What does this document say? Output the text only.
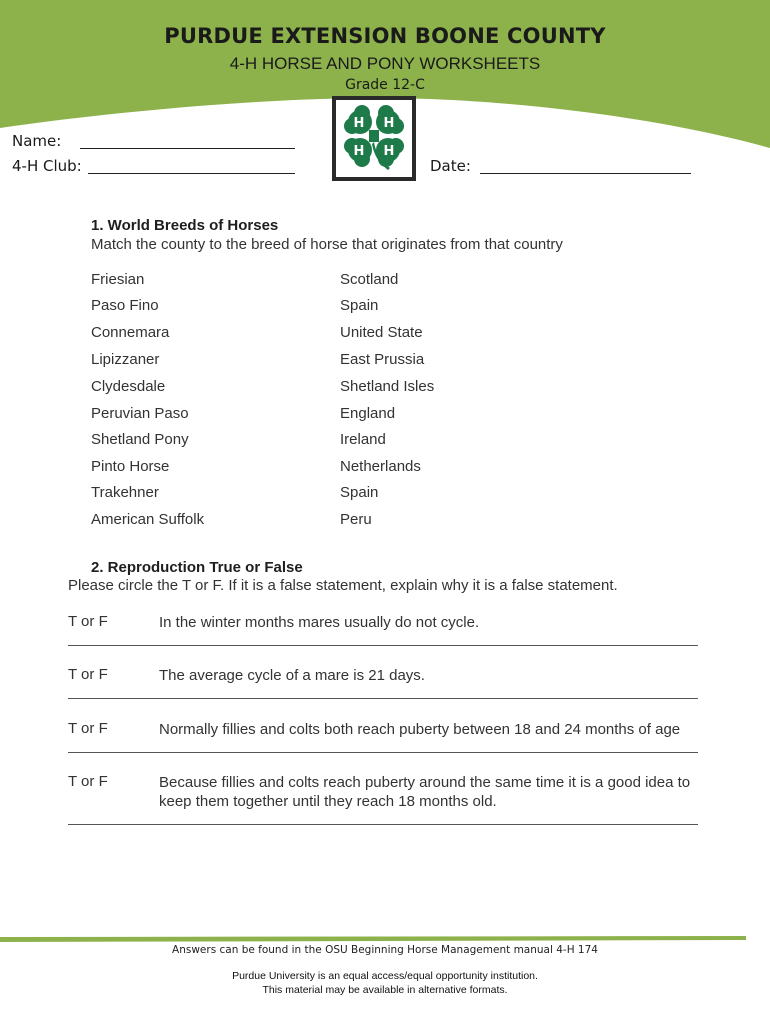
PURDUE EXTENSION BOONE COUNTY
4-H HORSE AND PONY WORKSHEETS
Grade 12-C
H H
H H
Name:
4-H Club:	Date:
1. World Breeds of Horses
Match the county to the breed of horse that originates from that country
Friesian	Scotland
Paso Fino	Spain
Connemara	United State
Lipizzaner	East Prussia
Clydesdale	Shetland Isles
Peruvian Paso	England
Shetland Pony	Ireland
Pinto Horse	Netherlands
Trakehner	Spain
American Suffolk	Peru
2. Reproduction True or False
Please circle the T or F. If it is a false statement, explain why it is a false statement.
T or F	In the winter months mares usually do not cycle.
T or F	The average cycle of a mare is 21 days.
T or F	Normally fillies and colts both reach puberty between 18 and 24 months of age
T or F	Because fillies and colts reach puberty around the same time it is a good idea to keep them together until they reach 18 months old.
Answers can be found in the OSU Beginning Horse Management manual 4-H 174
Purdue University is an equal access/equal opportunity institution.
This material may be available in alternative formats.
